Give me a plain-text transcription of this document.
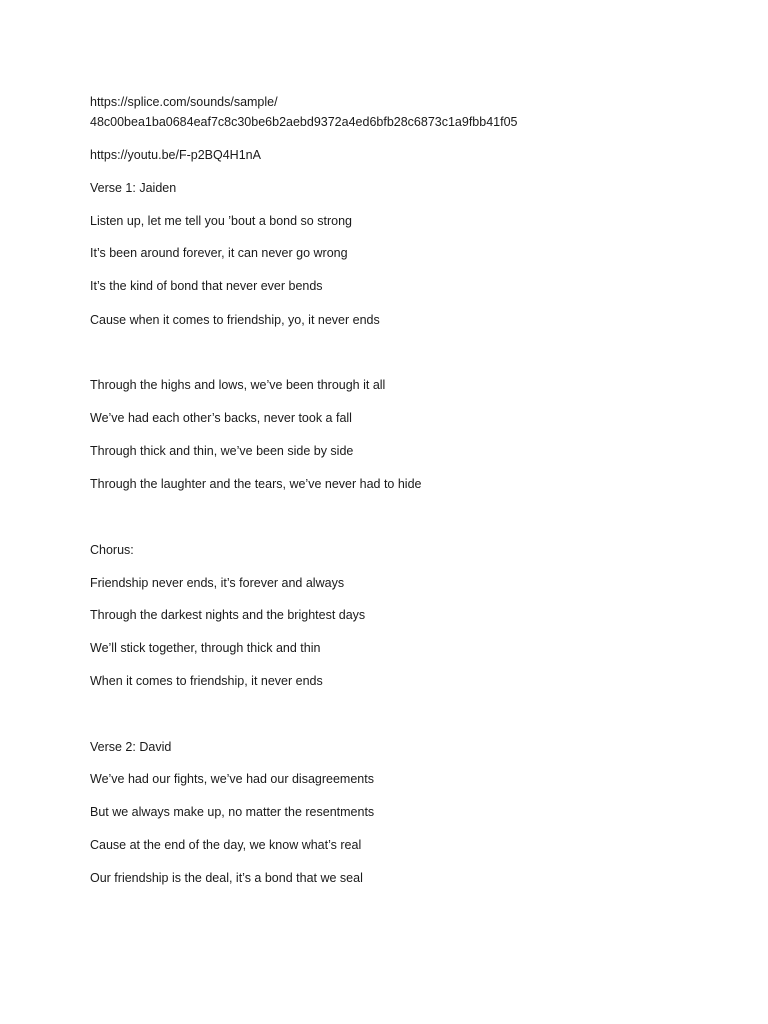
https://splice.com/sounds/sample/

48c00bea1ba0684eaf7c8c30be6b2aebd9372a4ed6bfb28c6873c1a9fbb41f05

https://youtu.be/F-p2BQ4H1nA

Verse 1: Jaiden

Listen up, let me tell you ’bout a bond so strong

It’s been around forever, it can never go wrong

It’s the kind of bond that never ever bends

Cause when it comes to friendship, yo, it never ends

Through the highs and lows, we’ve been through it all

We’ve had each other’s backs, never took a fall

Through thick and thin, we’ve been side by side

Through the laughter and the tears, we’ve never had to hide

Chorus:

Friendship never ends, it’s forever and always

Through the darkest nights and the brightest days

We’ll stick together, through thick and thin

When it comes to friendship, it never ends

Verse 2: David

We’ve had our fights, we’ve had our disagreements

But we always make up, no matter the resentments

Cause at the end of the day, we know what’s real

Our friendship is the deal, it’s a bond that we seal
